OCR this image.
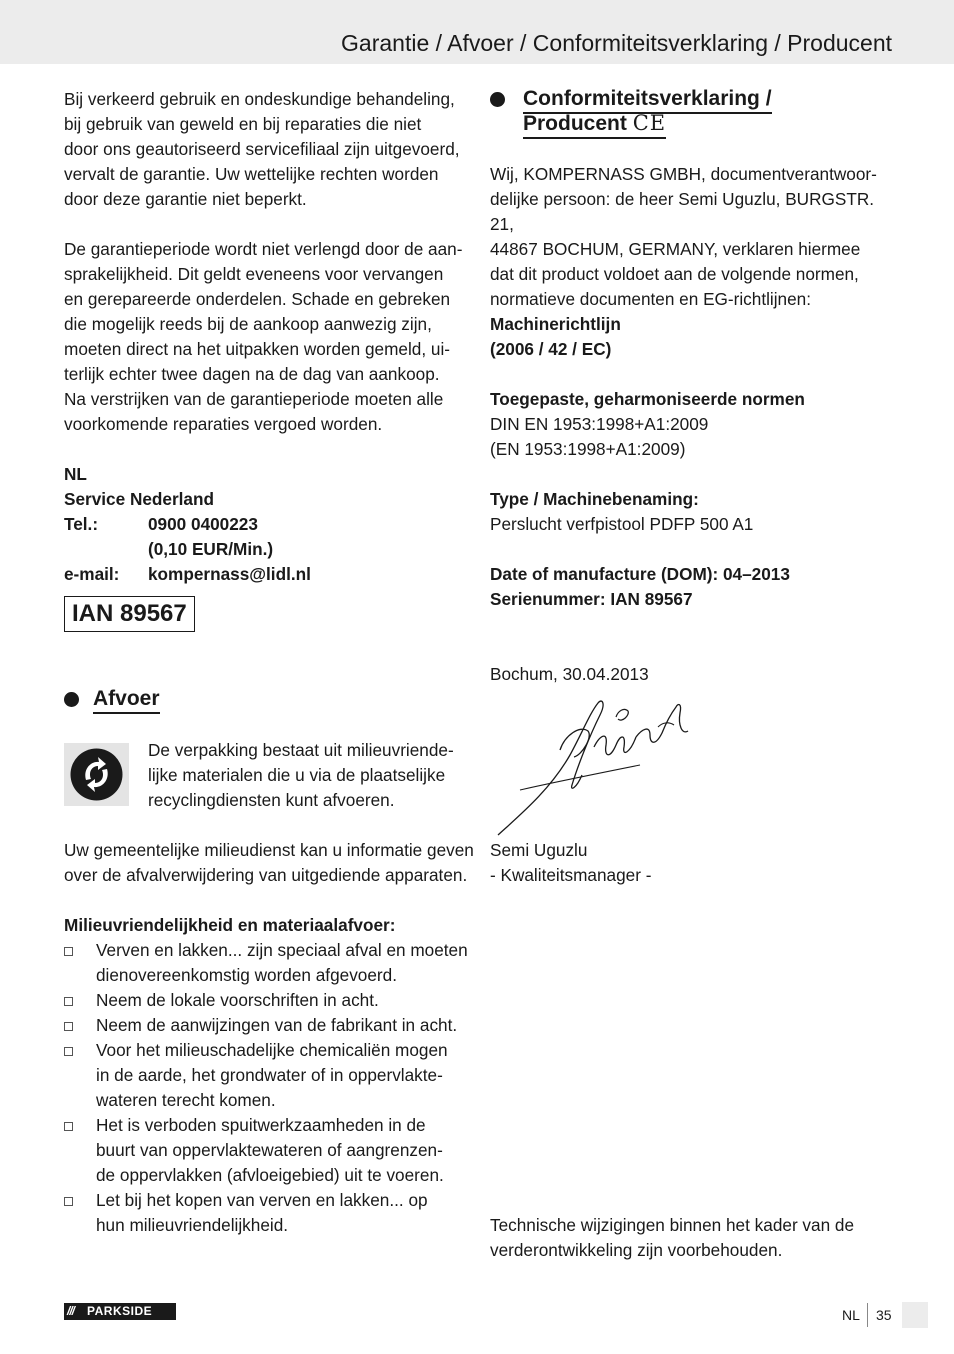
Garantie / Afvoer / Conformiteitsverklaring / Producent

Bij verkeerd gebruik en ondeskundige behandeling,

bij gebruik van geweld en bij reparaties die niet

door ons geautoriseerd servicefiliaal zijn uitgevoerd,

vervalt de garantie. Uw wettelijke rechten worden

door deze garantie niet beperkt.

De garantieperiode wordt niet verlengd door de aan-

sprakelijkheid. Dit geldt eveneens voor vervangen

en gerepareerde onderdelen. Schade en gebreken

die mogelijk reeds bij de aankoop aanwezig zijn,

moeten direct na het uitpakken worden gemeld, ui-

terlijk echter twee dagen na de dag van aankoop.

Na verstrijken van de garantieperiode moeten alle

voorkomende reparaties vergoed worden.

NL

Service Nederland

Tel.:	0900 0400223
(0,10 EUR/Min.)
e-mail:	kompernass@lidl.nl
IAN 89567
Afvoer

De verpakking bestaat uit milieuvriende-

lijke materialen die u via de plaatselijke

recyclingdiensten kunt afvoeren.

Uw gemeentelijke milieudienst kan u informatie geven

over de afvalverwijdering van uitgediende apparaten.

Milieuvriendelijkheid en materiaalafvoer:

Verven en lakken... zijn speciaal afval en moeten

dienovereenkomstig worden afgevoerd.

Neem de lokale voorschriften in acht.

Neem de aanwijzingen van de fabrikant in acht.

Voor het milieuschadelijke chemicaliën mogen

in de aarde, het grondwater of in oppervlakte-

wateren terecht komen.

Het is verboden spuitwerkzaamheden in de

buurt van oppervlaktewateren of aangrenzen-

de oppervlakken (afvloeigebied) uit te voeren.

Let bij het kopen van verven en lakken... op

hun milieuvriendelijkheid.

Conformiteitsverklaring /
Producent CE

Wij, KOMPERNASS GMBH, documentverantwoor-

delijke persoon: de heer Semi Uguzlu, BURGSTR. 21,

44867 BOCHUM, GERMANY, verklaren hiermee

dat dit product voldoet aan de volgende normen,

normatieve documenten en EG-richtlijnen:

Machinerichtlijn

(2006 / 42 / EC)

Toegepaste, geharmoniseerde normen

DIN EN 1953:1998+A1:2009

(EN 1953:1998+A1:2009)

Type / Machinebenaming:

Perslucht verfpistool PDFP 500 A1

Date of manufacture (DOM): 04–2013

Serienummer: IAN 89567

Bochum, 30.04.2013

Semi Uguzlu

- Kwaliteitsmanager -

Technische wijzigingen binnen het kader van de

verderontwikkeling zijn voorbehouden.

/// PARKSIDE	NL 35
